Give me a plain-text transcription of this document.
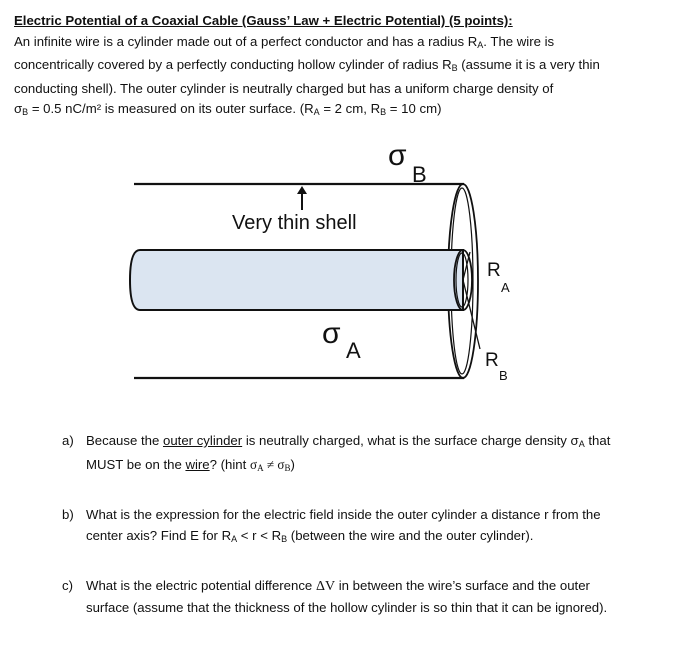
Electric Potential of a Coaxial Cable (Gauss’ Law + Electric Potential) (5 points):

An infinite wire is a cylinder made out of a perfect conductor and has a radius $R_A$. The wire is
concentrically covered by a perfectly conducting hollow cylinder of radius $R_B$ (assume it is a very thin
conducting shell). The outer cylinder is neutrally charged but has a uniform charge density of
$\sigma_B = 0.5$ nC/m² is measured on its outer surface. ($R_A = 2$ cm, $R_B = 10$ cm)

σ
B
Very thin shell
σ
A
R
A
R
B
a) Because the outer cylinder is neutrally charged, what is the surface charge density $\sigma_A$ that
MUST be on the wire? (hint $\sigma_A \ne \sigma_B$)
b) What is the expression for the electric field inside the outer cylinder a distance r from the
center axis? Find E for $R_A < r < R_B$ (between the wire and the outer cylinder).
c) What is the electric potential difference ΔV in between the wire’s surface and the outer
surface (assume that the thickness of the hollow cylinder is so thin that it can be ignored).
